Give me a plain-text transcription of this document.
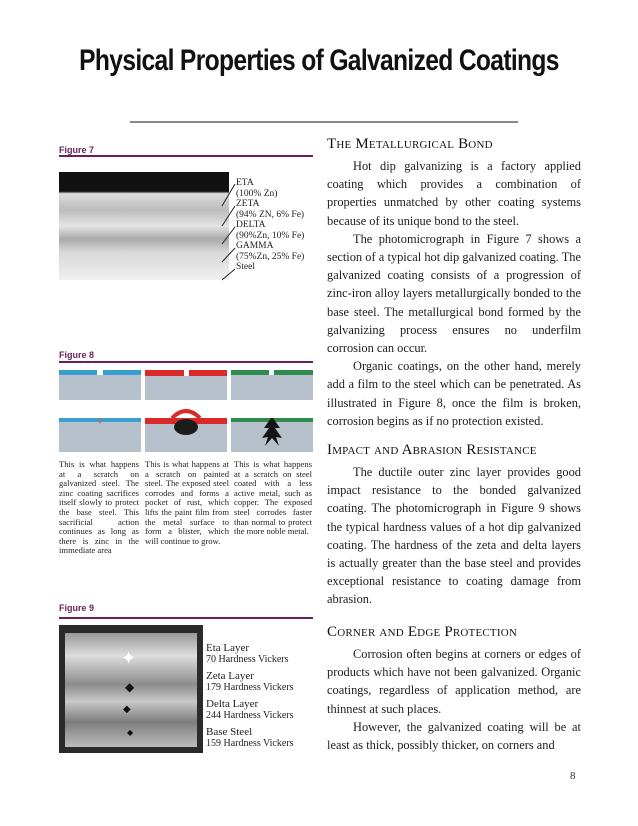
Physical Properties of Galvanized Coatings
Figure 7
ETA
(100% Zn)
ZETA
(94% ZN, 6% Fe)
DELTA
(90%Zn, 10% Fe)
GAMMA
(75%Zn, 25% Fe)
Steel
Figure 8
This is what happens at a scratch on galvanized steel. The zinc coating sacrifices itself slowly to protect the base steel. This sacrificial action continues as long as there is zinc in the immediate area
This is what happens at a scratch on painted steel. The exposed steel corrodes and forms a pocket of rust, which lifts the paint film from the metal surface to form a blister, which will continue to grow.
This is what happens at a scratch on steel coated with a less active metal, such as copper. The exposed steel corrodes faster than normal to protect the more noble metal.
Figure 9
✦
◆
◆
◆
Eta Layer
70 Hardness Vickers
Zeta Layer
179 Hardness Vickers
Delta Layer
244 Hardness Vickers
Base Steel
159 Hardness Vickers
The Metallurgical Bond

Hot dip galvanizing is a factory applied coating which provides a combination of properties unmatched by other coating systems because of its unique bond to the steel.

The photomicrograph in Figure 7 shows a section of a typical hot dip galvanized coating. The galvanized coating consists of a progression of zinc-iron alloy layers metallurgically bonded to the base steel. The metallurgical bond formed by the galvanizing process ensures no underfilm corrosion can occur.

Organic coatings, on the other hand, merely add a film to the steel which can be penetrated. As illustrated in Figure 8, once the film is broken, corrosion begins as if no protection existed.

Impact and Abrasion Resistance

The ductile outer zinc layer provides good impact resistance to the bonded galvanized coating. The photomicrograph in Figure 9 shows the typical hardness values of a hot dip galvanized coating. The hardness of the zeta and delta layers is actually greater than the base steel and provides exceptional resistance to coating damage from abrasion.

Corner and Edge Protection

Corrosion often begins at corners or edges of products which have not been galvanized. Organic coatings, regardless of application method, are thinnest at such places.

However, the galvanized coating will be at least as thick, possibly thicker, on corners and

8
